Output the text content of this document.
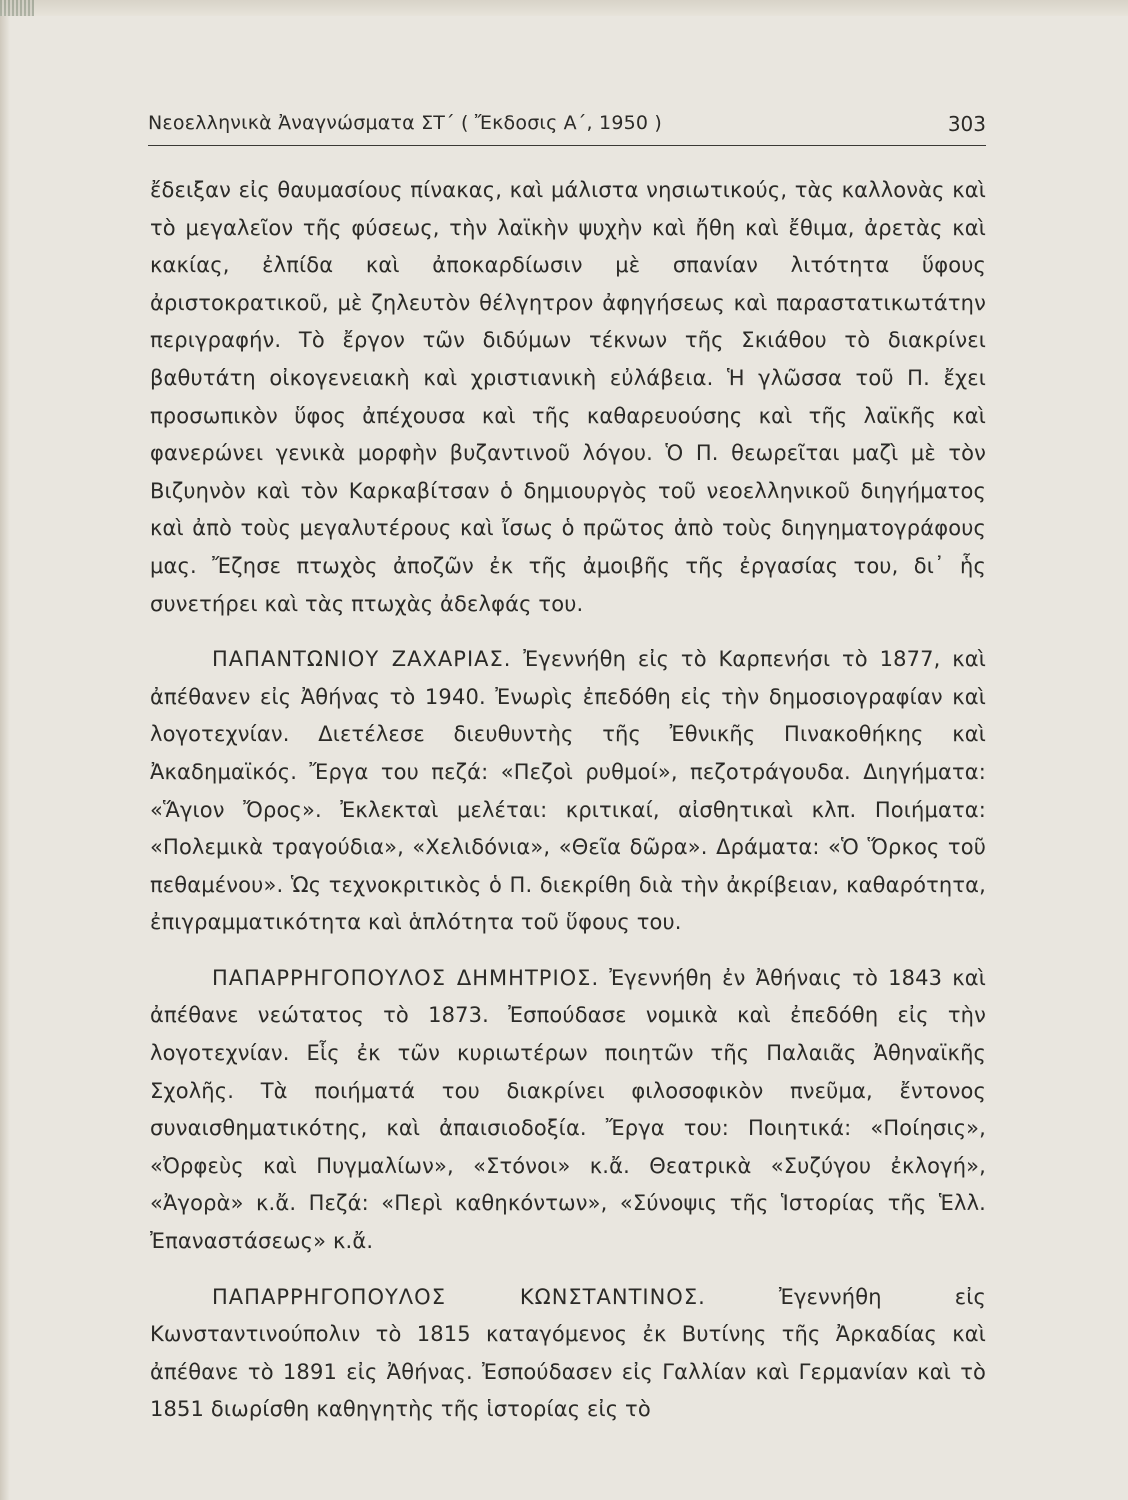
Νεοελληνικὰ Ἀναγνώσματα ΣΤ΄ ( Ἔκδοσις Α΄, 1950 )	303

ἔδειξαν εἰς θαυμασίους πίνακας, καὶ μάλιστα νησιωτικούς, τὰς καλλονὰς καὶ τὸ μεγαλεῖον τῆς φύσεως, τὴν λαϊκὴν ψυχὴν καὶ ἤθη καὶ ἔθιμα, ἀρετὰς καὶ κακίας, ἐλπίδα καὶ ἀποκαρδίωσιν μὲ σπανίαν λιτότητα ὕφους ἀριστοκρατικοῦ, μὲ ζηλευτὸν θέλγητρον ἀφηγήσεως καὶ παραστατικωτάτην περιγραφήν. Τὸ ἔργον τῶν διδύμων τέκνων τῆς Σκιάθου τὸ διακρίνει βαθυτάτη οἰκογενειακὴ καὶ χριστιανικὴ εὐλάβεια. Ἡ γλῶσσα τοῦ Π. ἔχει προσωπικὸν ὕφος ἀπέχουσα καὶ τῆς καθαρευούσης καὶ τῆς λαϊκῆς καὶ φανερώνει γενικὰ μορφὴν βυζαντινοῦ λόγου. Ὁ Π. θεωρεῖται μαζὶ μὲ τὸν Βιζυηνὸν καὶ τὸν Καρκαβίτσαν ὁ δημιουργὸς τοῦ νεοελληνικοῦ διηγήματος καὶ ἀπὸ τοὺς μεγαλυτέρους καὶ ἴσως ὁ πρῶτος ἀπὸ τοὺς διηγηματογράφους μας. Ἔζησε πτωχὸς ἀποζῶν ἐκ τῆς ἀμοιβῆς τῆς ἐργασίας του, δι᾽ ἧς συνετήρει καὶ τὰς πτωχὰς ἀδελφάς του.

ΠΑΠΑΝΤΩΝΙΟΥ ΖΑΧΑΡΙΑΣ. Ἐγεννήθη εἰς τὸ Καρπενήσι τὸ 1877, καὶ ἀπέθανεν εἰς Ἀθήνας τὸ 1940. Ἐνωρὶς ἐπεδόθη εἰς τὴν δημοσιογραφίαν καὶ λογοτεχνίαν. Διετέλεσε διευθυντὴς τῆς Ἐθνικῆς Πινακοθήκης καὶ Ἀκαδημαϊκός. Ἔργα του πεζά: «Πεζοὶ ρυθμοί», πεζοτράγουδα. Διηγήματα: «Ἅγιον Ὄρος». Ἐκλεκταὶ μελέται: κριτικαί, αἰσθητικαὶ κλπ. Ποιήματα: «Πολεμικὰ τραγούδια», «Χελιδόνια», «Θεῖα δῶρα». Δράματα: «Ὁ Ὅρκος τοῦ πεθαμένου». Ὡς τεχνοκριτικὸς ὁ Π. διεκρίθη διὰ τὴν ἀκρίβειαν, καθαρότητα, ἐπιγραμματικότητα καὶ ἁπλότητα τοῦ ὕφους του.

ΠΑΠΑΡΡΗΓΟΠΟΥΛΟΣ ΔΗΜΗΤΡΙΟΣ. Ἐγεννήθη ἐν Ἀθήναις τὸ 1843 καὶ ἀπέθανε νεώτατος τὸ 1873. Ἐσπούδασε νομικὰ καὶ ἐπεδόθη εἰς τὴν λογοτεχνίαν. Εἷς ἐκ τῶν κυριωτέρων ποιητῶν τῆς Παλαιᾶς Ἀθηναϊκῆς Σχολῆς. Τὰ ποιήματά του διακρίνει φιλοσοφικὸν πνεῦμα, ἔντονος συναισθηματικότης, καὶ ἀπαισιοδοξία. Ἔργα του: Ποιητικά: «Ποίησις», «Ὀρφεὺς καὶ Πυγμαλίων», «Στόνοι» κ.ἄ. Θεατρικὰ «Συζύγου ἐκλογή», «Ἀγορὰ» κ.ἄ. Πεζά: «Περὶ καθηκόντων», «Σύνοψις τῆς Ἱστορίας τῆς Ἑλλ. Ἐπαναστάσεως» κ.ἄ.

ΠΑΠΑΡΡΗΓΟΠΟΥΛΟΣ ΚΩΝΣΤΑΝΤΙΝΟΣ.	Ἐγεννήθη εἰς Κωνσταντινούπολιν τὸ 1815 καταγόμενος ἐκ Βυτίνης τῆς Ἀρκαδίας καὶ ἀπέθανε τὸ 1891 εἰς Ἀθήνας. Ἐσπούδασεν εἰς Γαλλίαν καὶ Γερμανίαν καὶ τὸ 1851 διωρίσθη καθηγητὴς τῆς ἱστορίας εἰς τὸ
